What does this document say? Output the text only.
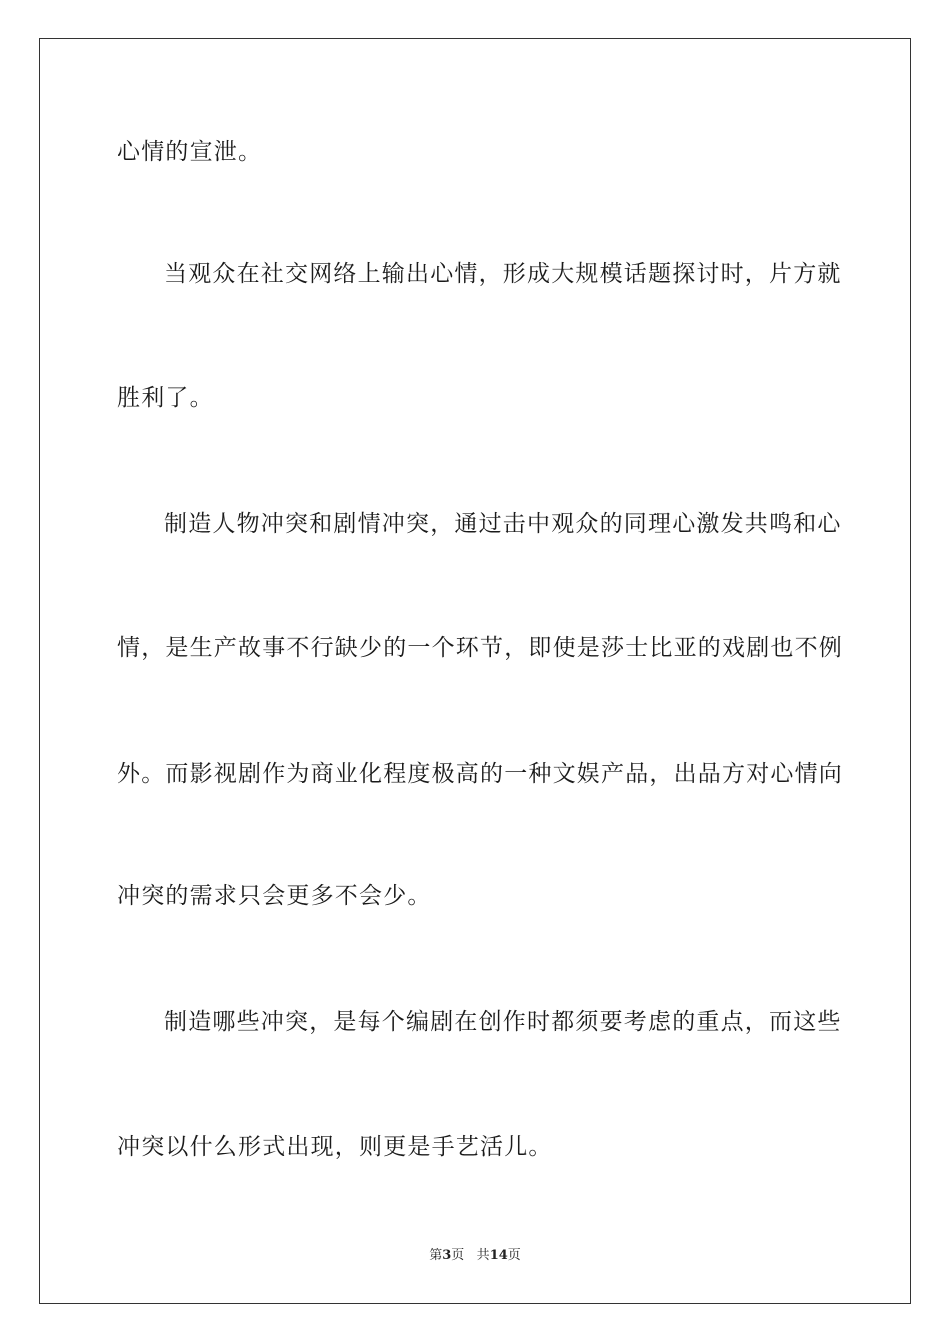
心情的宣泄。
当观众在社交网络上输出心情，形成大规模话题探讨时，片方就
胜利了。
制造人物冲突和剧情冲突，通过击中观众的同理心激发共鸣和心
情，是生产故事不行缺少的一个环节，即使是莎士比亚的戏剧也不例
外。而影视剧作为商业化程度极高的一种文娱产品，出品方对心情向
冲突的需求只会更多不会少。
制造哪些冲突，是每个编剧在创作时都须要考虑的重点，而这些
冲突以什么形式出现，则更是手艺活儿。
第3页 共14页
